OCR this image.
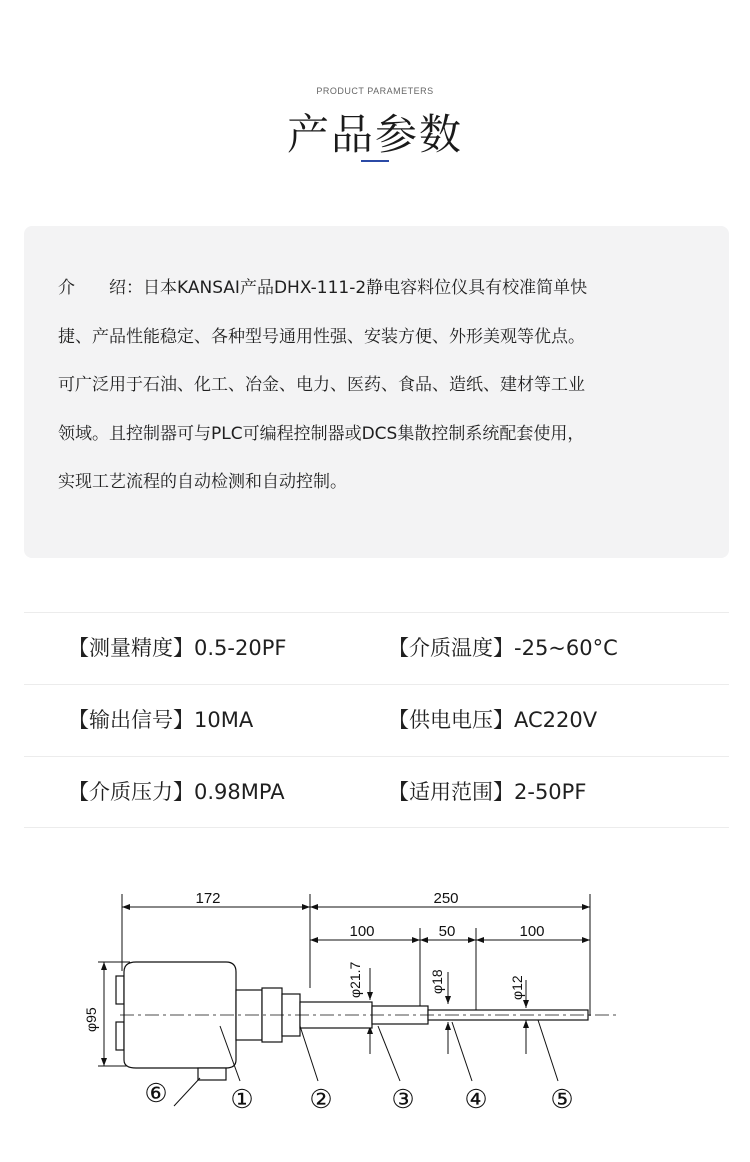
PRODUCT PARAMETERS
产品参数
介　　绍：日本KANSAI产品DHX-111-2静电容料位仪具有校准简单快
捷、产品性能稳定、各种型号通用性强、安装方便、外形美观等优点。
可广泛用于石油、化工、冶金、电力、医药、食品、造纸、建材等工业
领域。且控制器可与PLC可编程控制器或DCS集散控制系统配套使用，
实现工艺流程的自动检测和自动控制。
【测量精度】0.5-20PF	【介质温度】-25~60°C
【输出信号】10MA	【供电电压】AC220V
【介质压力】0.98MPA	【适用范围】2-50PF
172	250
100	50	100
φ95
φ21.7	φ18	φ12
① ② ③ ④ ⑤
⑥
